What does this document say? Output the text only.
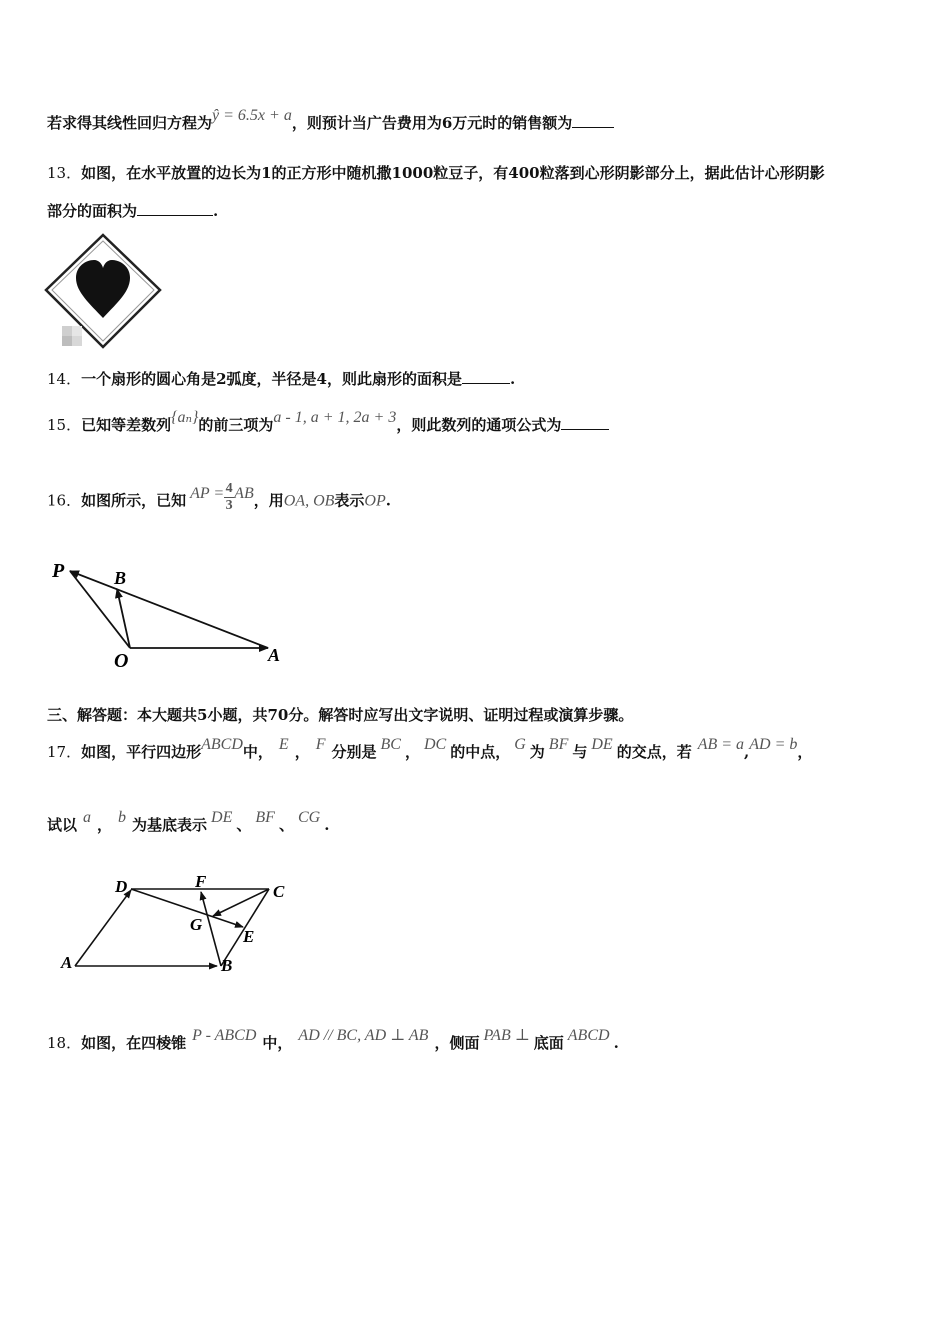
若求得其线性回归方程为ŷ = 6.5x + a，则预计当广告费用为6万元时的销售额为
13．如图，在水平放置的边长为1的正方形中随机撒1000粒豆子，有400粒落到心形阴影部分上，据此估计心形阴影
部分的面积为	.
14．一个扇形的圆心角是2弧度，半径是4，则此扇形的面积是	.
15．已知等差数列{aₙ}的前三项为a - 1, a + 1, 2a + 3，则此数列的通项公式为
16．如图所示，已知 AP = $\frac{4}{3}$ AB，用OA, OB表示OP.
P	B
O	A
三、解答题：本大题共5小题，共70分。解答时应写出文字说明、证明过程或演算步骤。
17．如图，平行四边形ABCD中， E ， F 分别是 BC ， DC 的中点， G 为 BF 与 DE 的交点，若 AB = a,AD = b，
试以 a ， b 为基底表示 DE 、 BF 、 CG .
D	F
C
G
E
A	B
18．如图，在四棱锥 P - ABCD 中， AD // BC, AD ⊥ AB ，侧面 PAB ⊥ 底面 ABCD .
